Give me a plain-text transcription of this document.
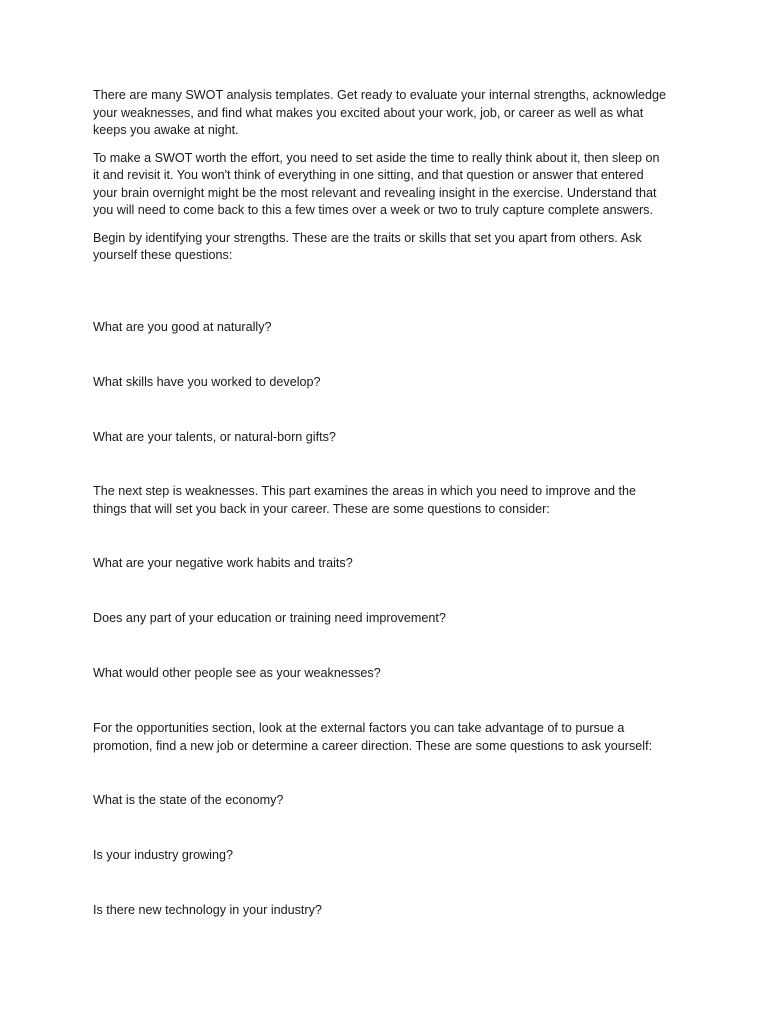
There are many SWOT analysis templates. Get ready to evaluate your internal strengths, acknowledge your weaknesses, and find what makes you excited about your work, job, or career as well as what keeps you awake at night.

To make a SWOT worth the effort, you need to set aside the time to really think about it, then sleep on it and revisit it. You won't think of everything in one sitting, and that question or answer that entered your brain overnight might be the most relevant and revealing insight in the exercise. Understand that you will need to come back to this a few times over a week or two to truly capture complete answers.

Begin by identifying your strengths. These are the traits or skills that set you apart from others. Ask yourself these questions:

What are you good at naturally?

What skills have you worked to develop?

What are your talents, or natural-born gifts?

The next step is weaknesses. This part examines the areas in which you need to improve and the things that will set you back in your career. These are some questions to consider:

What are your negative work habits and traits?

Does any part of your education or training need improvement?

What would other people see as your weaknesses?

For the opportunities section, look at the external factors you can take advantage of to pursue a promotion, find a new job or determine a career direction. These are some questions to ask yourself:

What is the state of the economy?

Is your industry growing?

Is there new technology in your industry?
